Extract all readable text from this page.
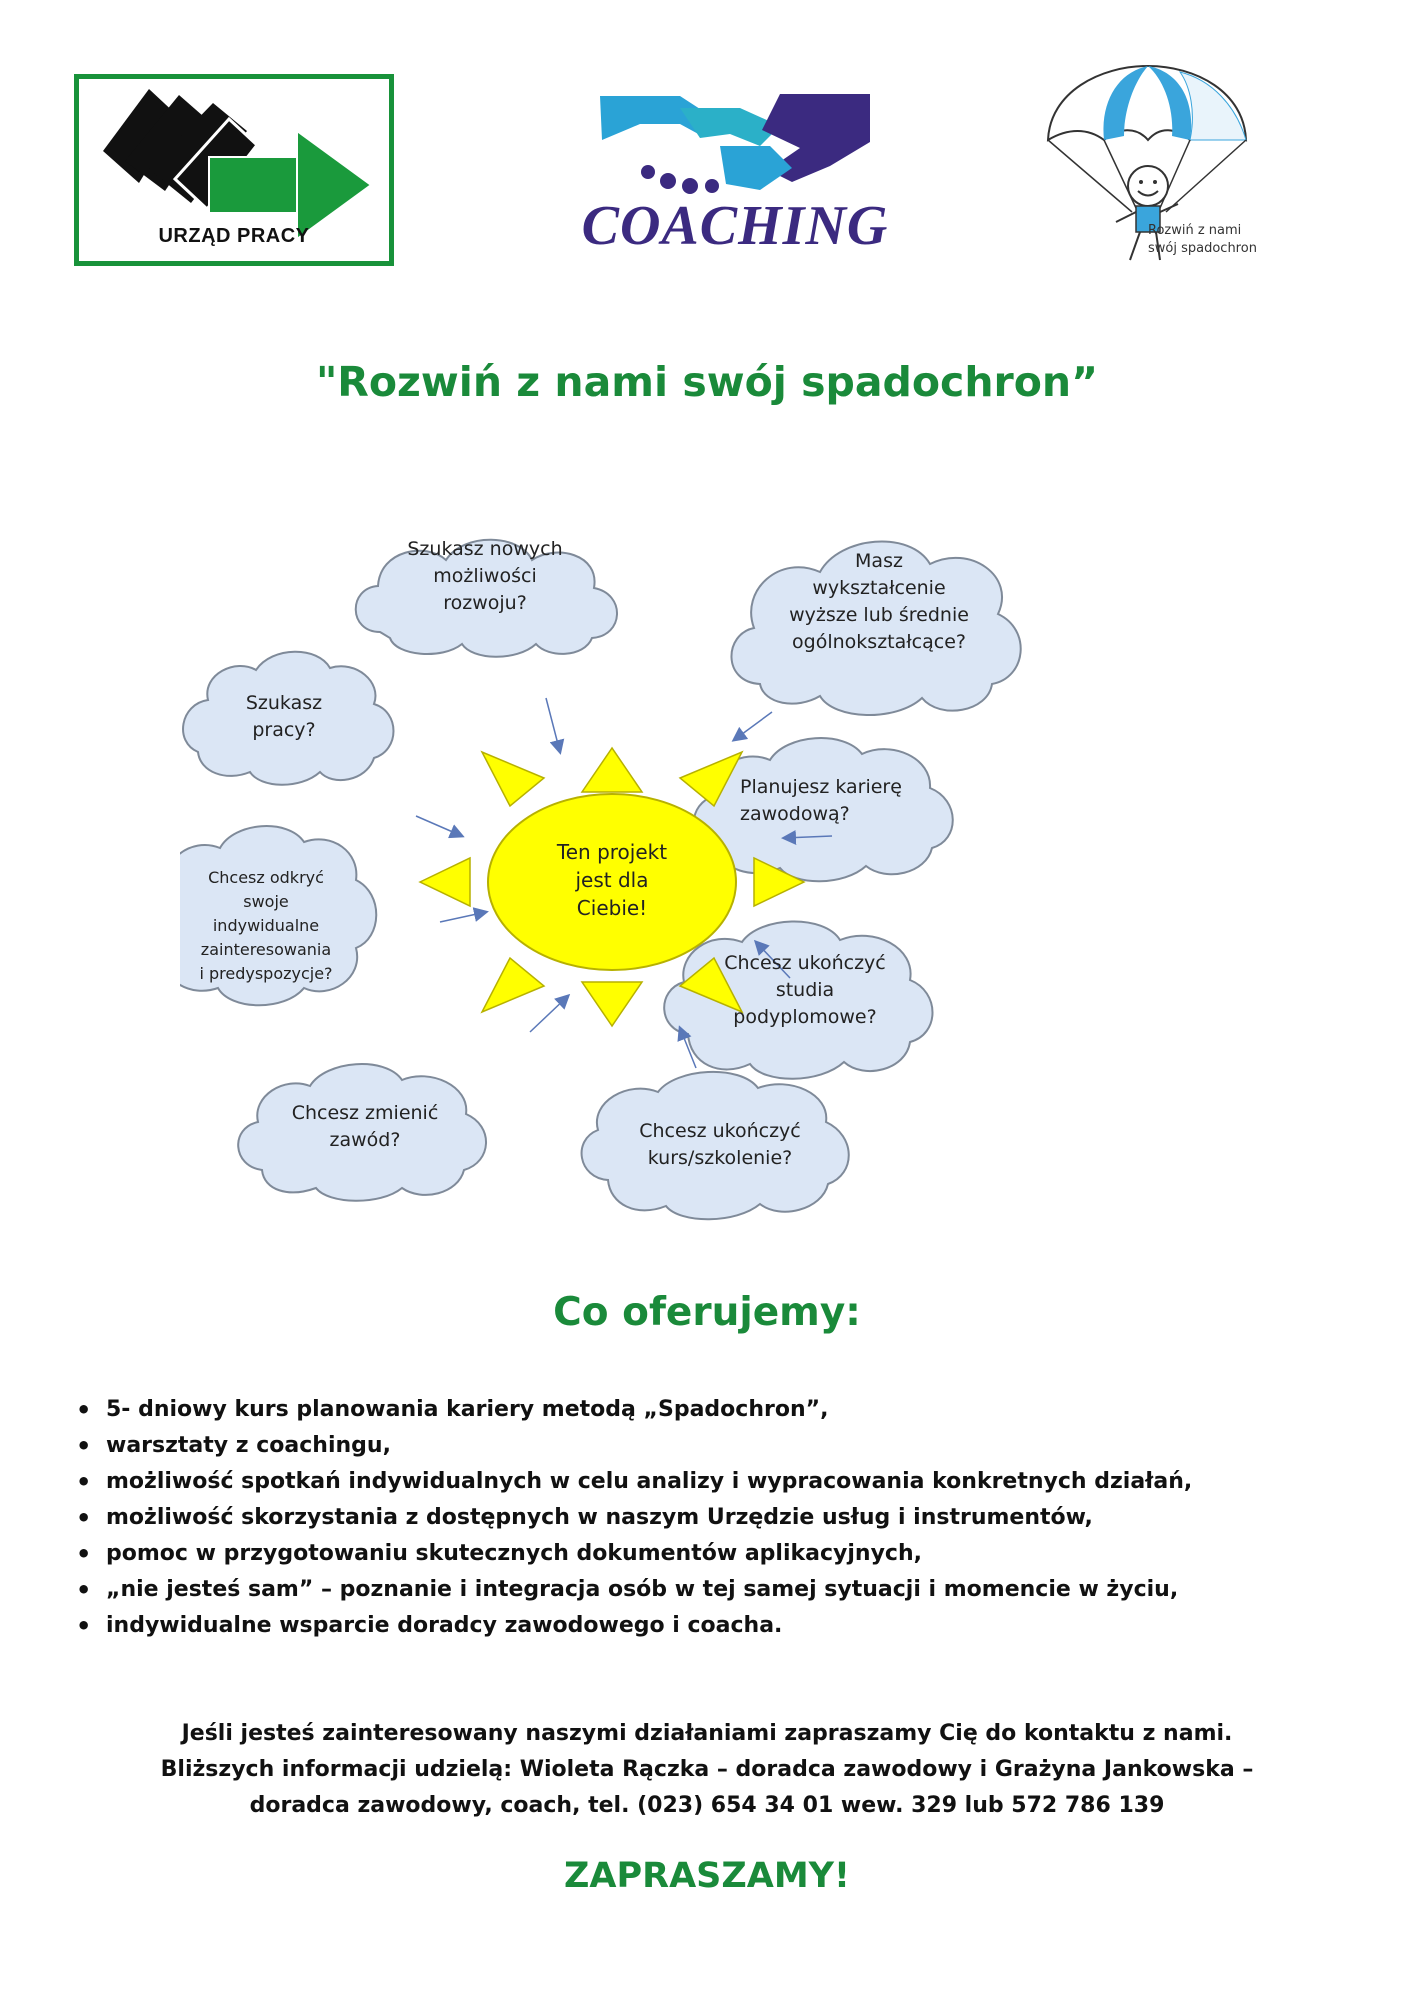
URZĄD PRACY	COACHING	Rozwiń z nami
swój spadochron
"Rozwiń z nami swój spadochron”
Szukasz nowych
możliwości
rozwoju?
Masz
wykształcenie
wyższe lub średnie
ogólnokształcące?
Szukasz
pracy?
Planujesz karierę
zawodową?
Chcesz odkryć
swoje
indywidualne
zainteresowania
i predyspozycje?	Chcesz ukończyć
studia
podyplomowe?
Chcesz zmienić
zawód?	Chcesz ukończyć
kurs/szkolenie?
Ten projekt
jest dla
Ciebie!
Co oferujemy:
• 5- dniowy kurs planowania kariery metodą „Spadochron”,
• warsztaty z coachingu,
• możliwość spotkań indywidualnych w celu analizy i wypracowania konkretnych działań,
• możliwość skorzystania z dostępnych w naszym Urzędzie usług i instrumentów,
• pomoc w przygotowaniu skutecznych dokumentów aplikacyjnych,
• „nie jesteś sam” – poznanie i integracja osób w tej samej sytuacji i momencie w życiu,
• indywidualne wsparcie doradcy zawodowego i coacha.
Jeśli jesteś zainteresowany naszymi działaniami zapraszamy Cię do kontaktu z nami.
Bliższych informacji udzielą: Wioleta Rączka – doradca zawodowy i Grażyna Jankowska –
doradca zawodowy, coach, tel. (023) 654 34 01 wew. 329 lub 572 786 139
ZAPRASZAMY!
